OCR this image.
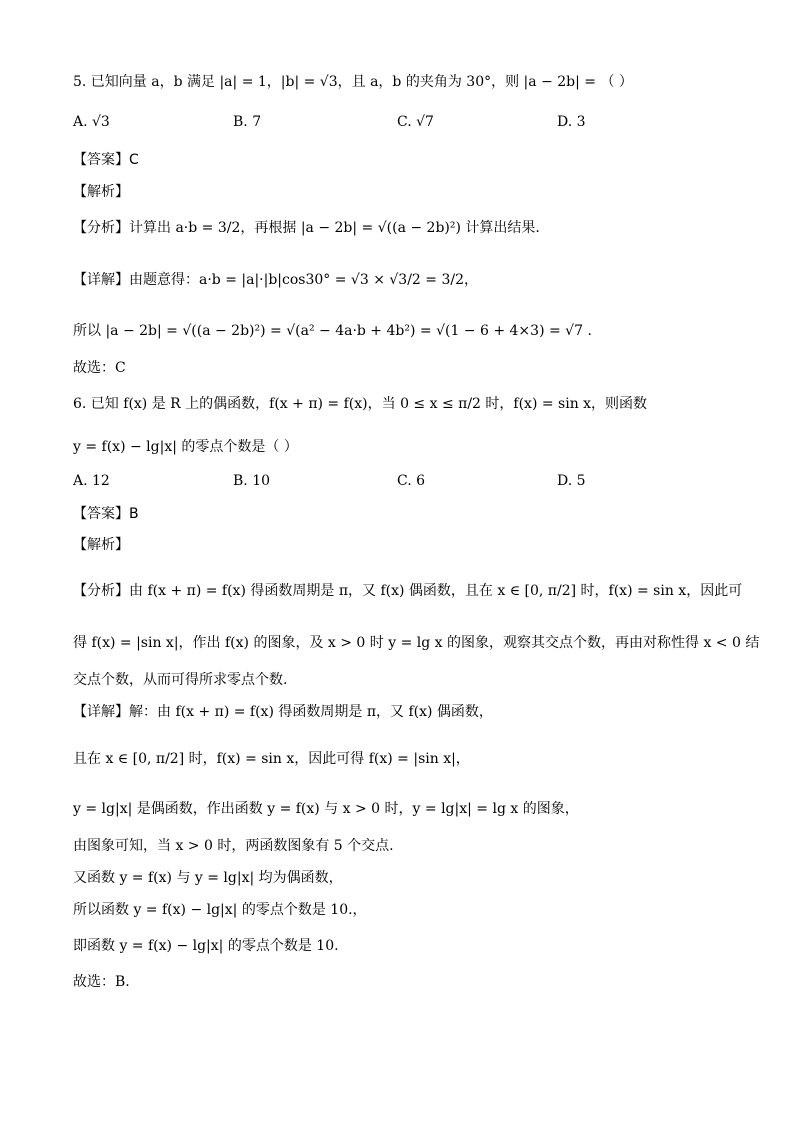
5. 已知向量 a，b 满足 |a| = 1，|b| = √3，且 a，b 的夹角为 30°，则 |a − 2b| = （ ）
A. √3	B. 7	C. √7	D. 3
【答案】C
【解析】
【分析】计算出 a·b = 3/2，再根据 |a − 2b| = √((a − 2b)²) 计算出结果.
【详解】由题意得：a·b = |a|·|b|cos30° = √3 × √3/2 = 3/2，
所以 |a − 2b| = √((a − 2b)²) = √(a² − 4a·b + 4b²) = √(1 − 6 + 4×3) = √7 .
故选：C
6. 已知 f(x) 是 R 上的偶函数，f(x + π) = f(x)，当 0 ≤ x ≤ π/2 时，f(x) = sin x，则函数
y = f(x) − lg|x| 的零点个数是（ ）
A. 12	B. 10	C. 6	D. 5
【答案】B
【解析】
【分析】由 f(x + π) = f(x) 得函数周期是 π，又 f(x) 偶函数，且在 x ∈ [0, π/2] 时，f(x) = sin x，因此可
得 f(x) = |sin x|，作出 f(x) 的图象，及 x > 0 时 y = lg x 的图象，观察其交点个数，再由对称性得 x < 0 结
交点个数，从而可得所求零点个数.
【详解】解：由 f(x + π) = f(x) 得函数周期是 π，又 f(x) 偶函数，
且在 x ∈ [0, π/2] 时，f(x) = sin x，因此可得 f(x) = |sin x|，
y = lg|x| 是偶函数，作出函数 y = f(x) 与 x > 0 时，y = lg|x| = lg x 的图象，
由图象可知，当 x > 0 时，两函数图象有 5 个交点.
又函数 y = f(x) 与 y = lg|x| 均为偶函数，
所以函数 y = f(x) − lg|x| 的零点个数是 10.，
即函数 y = f(x) − lg|x| 的零点个数是 10.
故选：B.
